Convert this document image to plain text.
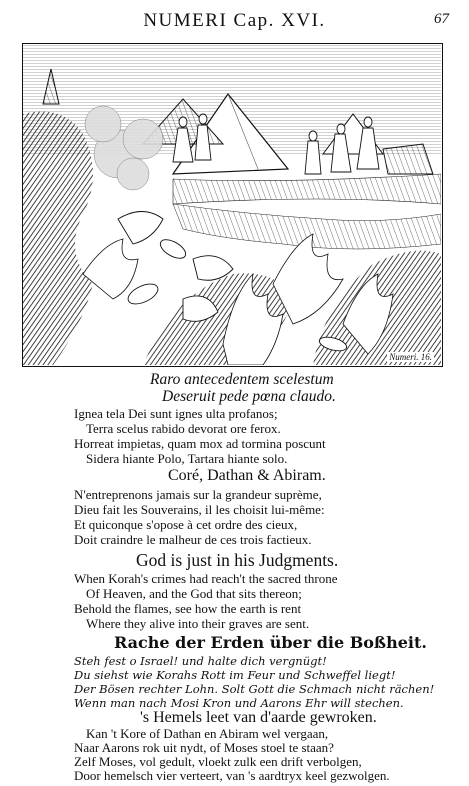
NUMERI Cap. XVI.	67
Numeri. 16.
Raro antecedentem scelestum
Deseruit pede pœna claudo.
Ignea tela Dei sunt ignes ulta profanos;
Terra scelus rabido devorat ore ferox.
Horreat impietas, quam mox ad tormina poscunt
Sidera hiante Polo, Tartara hiante solo.
Coré, Dathan & Abiram.
N'entreprenons jamais sur la grandeur suprème,
Dieu fait les Souverains, il les choisit lui-même:
Et quiconque s'opose à cet ordre des cieux,
Doit craindre le malheur de ces trois factieux.
God is just in his Judgments.
When Korah's crimes had reach't the sacred throne
Of Heaven, and the God that sits thereon;
Behold the flames, see how the earth is rent
Where they alive into their graves are sent.
Rache der Erden über die Boßheit.
Steh fest o Israel! und halte dich vergnügt!
Du siehst wie Korahs Rott im Feur und Schweffel liegt!
Der Bösen rechter Lohn. Solt Gott die Schmach nicht rächen!
Wenn man nach Mosi Kron und Aarons Ehr will stechen.
's Hemels leet van d'aarde gewroken.
Kan 't Kore of Dathan en Abiram wel vergaan,
Naar Aarons rok uit nydt, of Moses stoel te staan?
Zelf Moses, vol gedult, vloekt zulk een drift verbolgen,
Door hemelsch vier verteert, van 's aardtryx keel gezwolgen.
